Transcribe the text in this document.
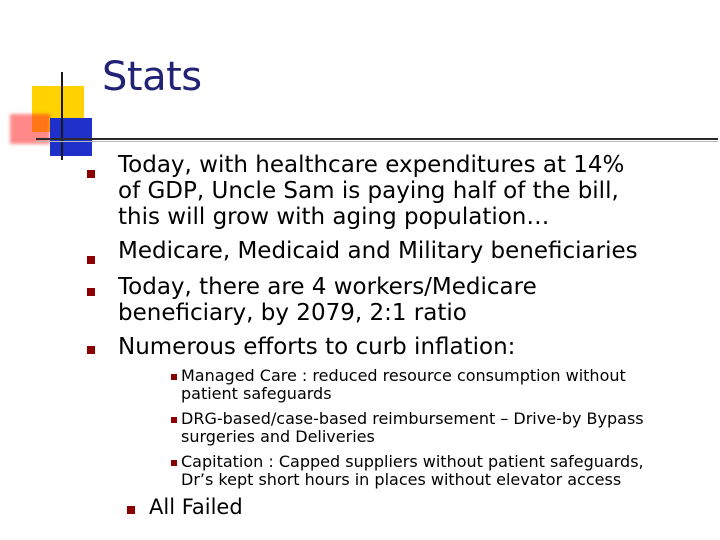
Stats
Today, with healthcare expenditures at 14%
of GDP, Uncle Sam is paying half of the bill,
this will grow with aging population…
Medicare, Medicaid and Military beneficiaries
Today, there are 4 workers/Medicare
beneficiary, by 2079, 2:1 ratio
Numerous efforts to curb inflation:
Managed Care : reduced resource consumption without
patient safeguards
DRG-based/case-based reimbursement – Drive-by Bypass
surgeries and Deliveries
Capitation : Capped suppliers without patient safeguards,
Dr’s kept short hours in places without elevator access
All Failed
